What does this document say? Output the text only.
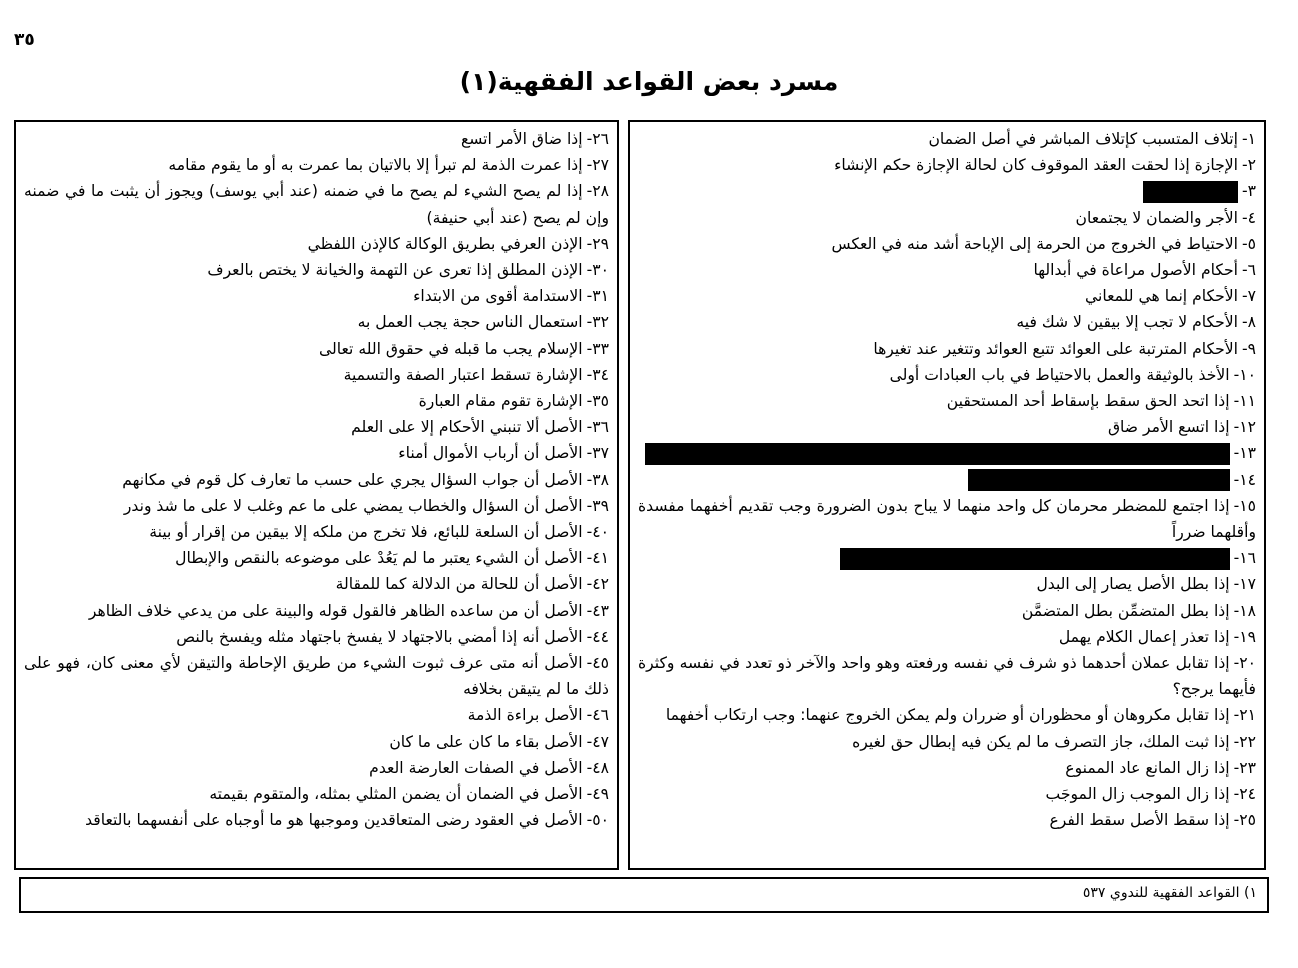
٣٥
مسرد بعض القواعد الفقهية(١)
١-إتلاف المتسبب كإتلاف المباشر في أصل الضمان
٢-الإجازة إذا لحقت العقد الموقوف كان لحالة الإجازة حكم الإنشاء
٣-
٤-الأجر والضمان لا يجتمعان
٥-الاحتياط في الخروج من الحرمة إلى الإباحة أشد منه في العكس
٦-أحكام الأصول مراعاة في أبدالها
٧-الأحكام إنما هي للمعاني
٨-الأحكام لا تجب إلا بيقين لا شك فيه
٩-الأحكام المترتبة على العوائد تتبع العوائد وتتغير عند تغيرها
١٠-الأخذ بالوثيقة والعمل بالاحتياط في باب العبادات أولى
١١-إذا اتحد الحق سقط بإسقاط أحد المستحقين
١٢-إذا اتسع الأمر ضاق
١٣-
١٤-
١٥-إذا اجتمع للمضطر محرمان كل واحد منهما لا يباح بدون الضرورة وجب تقديم أخفهما مفسدة وأقلهما ضرراً
١٦-
١٧-إذا بطل الأصل يصار إلى البدل
١٨-إذا بطل المتضمِّن بطل المتضمَّن
١٩-إذا تعذر إعمال الكلام يهمل
٢٠-إذا تقابل عملان أحدهما ذو شرف في نفسه ورفعته وهو واحد والآخر ذو تعدد في نفسه وكثرة فأيهما يرجح؟
٢١-إذا تقابل مكروهان أو محظوران أو ضرران ولم يمكن الخروج عنهما: وجب ارتكاب أخفهما
٢٢-إذا ثبت الملك، جاز التصرف ما لم يكن فيه إبطال حق لغيره
٢٣-إذا زال المانع عاد الممنوع
٢٤-إذا زال الموجب زال الموجَب
٢٥-إذا سقط الأصل سقط الفرع
٢٦-إذا ضاق الأمر اتسع
٢٧-إذا عمرت الذمة لم تبرأ إلا بالاتيان بما عمرت به أو ما يقوم مقامه
٢٨-إذا لم يصح الشيء لم يصح ما في ضمنه (عند أبي يوسف) ويجوز أن يثبت ما في ضمنه وإن لم يصح (عند أبي حنيفة)
٢٩-الإذن العرفي بطريق الوكالة كالإذن اللفظي
٣٠-الإذن المطلق إذا تعرى عن التهمة والخيانة لا يختص بالعرف
٣١-الاستدامة أقوى من الابتداء
٣٢-استعمال الناس حجة يجب العمل به
٣٣-الإسلام يجب ما قبله في حقوق الله تعالى
٣٤-الإشارة تسقط اعتبار الصفة والتسمية
٣٥-الإشارة تقوم مقام العبارة
٣٦-الأصل ألا تنبني الأحكام إلا على العلم
٣٧-الأصل أن أرباب الأموال أمناء
٣٨-الأصل أن جواب السؤال يجري على حسب ما تعارف كل قوم في مكانهم
٣٩-الأصل أن السؤال والخطاب يمضي على ما عم وغلب لا على ما شذ وندر
٤٠-الأصل أن السلعة للبائع، فلا تخرج من ملكه إلا بيقين من إقرار أو بينة
٤١-الأصل أن الشيء يعتبر ما لم يَعُدْ على موضوعه بالنقص والإبطال
٤٢-الأصل أن للحالة من الدلالة كما للمقالة
٤٣-الأصل أن من ساعده الظاهر فالقول قوله والبينة على من يدعي خلاف الظاهر
٤٤-الأصل أنه إذا أمضي بالاجتهاد لا يفسخ باجتهاد مثله ويفسخ بالنص
٤٥-الأصل أنه متى عرف ثبوت الشيء من طريق الإحاطة والتيقن لأي معنى كان، فهو على ذلك ما لم يتيقن بخلافه
٤٦-الأصل براءة الذمة
٤٧-الأصل بقاء ما كان على ما كان
٤٨-الأصل في الصفات العارضة العدم
٤٩-الأصل في الضمان أن يضمن المثلي بمثله، والمتقوم بقيمته
٥٠-الأصل في العقود رضى المتعاقدين وموجبها هو ما أوجباه على أنفسهما بالتعاقد
١) القواعد الفقهية للندوي ٥٣٧
